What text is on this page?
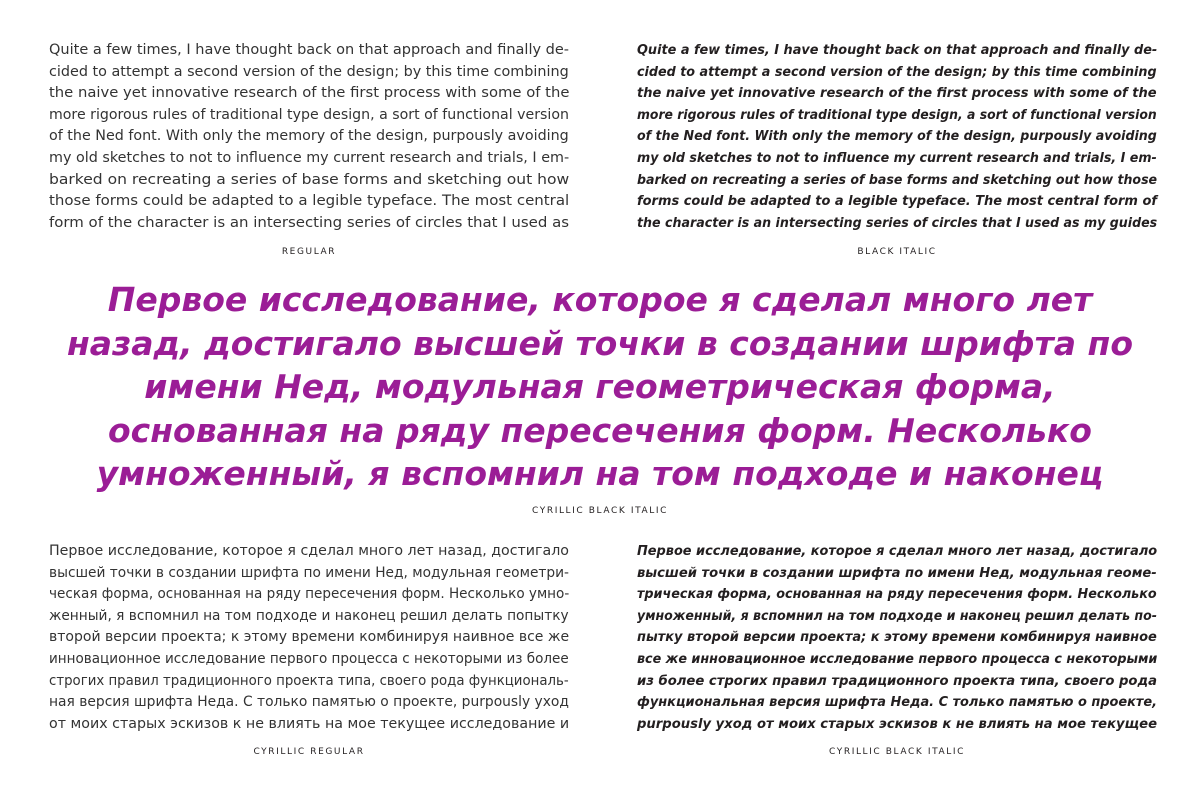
Quite a few times, I have thought back on that approach and finally de-
cided to attempt a second version of the design; by this time combining
the naive yet innovative research of the first process with some of the
more rigorous rules of traditional type design, a sort of functional version
of the Ned font. With only the memory of the design, purpously avoiding
my old sketches to not to influence my current research and trials, I em-
barked on recreating a series of base forms and sketching out how
those forms could be adapted to a legible typeface. The most central
form of the character is an intersecting series of circles that I used as
REGULAR
Quite a few times, I have thought back on that approach and finally de-
cided to attempt a second version of the design; by this time combining
the naive yet innovative research of the first process with some of the
more rigorous rules of traditional type design, a sort of functional version
of the Ned font. With only the memory of the design, purpously avoiding
my old sketches to not to influence my current research and trials, I em-
barked on recreating a series of base forms and sketching out how those
forms could be adapted to a legible typeface. The most central form of
the character is an intersecting series of circles that I used as my guides
BLACK ITALIC
Первое исследование, которое я сделал много лет
назад, достигало высшей точки в создании шрифта по
имени Нед, модульная геометрическая форма,
основанная на ряду пересечения форм. Несколько
умноженный, я вспомнил на том подходе и наконец
CYRILLIC BLACK ITALIC
Первое исследование, которое я сделал много лет назад, достигало
высшей точки в создании шрифта по имени Нед, модульная геометри-
ческая форма, основанная на ряду пересечения форм. Несколько умно-
женный, я вспомнил на том подходе и наконец решил делать попытку
второй версии проекта; к этому времени комбинируя наивное все же
инновационное исследование первого процесса с некоторыми из более
строгих правил традиционного проекта типа, своего рода функциональ-
ная версия шрифта Неда. С только памятью о проекте, purpously уход
от моих старых эскизов к не влиять на мое текущее исследование и
CYRILLIC REGULAR
Первое исследование, которое я сделал много лет назад, достигало
высшей точки в создании шрифта по имени Нед, модульная геоме-
трическая форма, основанная на ряду пересечения форм. Несколько
умноженный, я вспомнил на том подходе и наконец решил делать по-
пытку второй версии проекта; к этому времени комбинируя наивное
все же инновационное исследование первого процесса с некоторыми
из более строгих правил традиционного проекта типа, своего рода
функциональная версия шрифта Неда. С только памятью о проекте,
purpously уход от моих старых эскизов к не влиять на мое текущее
CYRILLIC BLACK ITALIC
